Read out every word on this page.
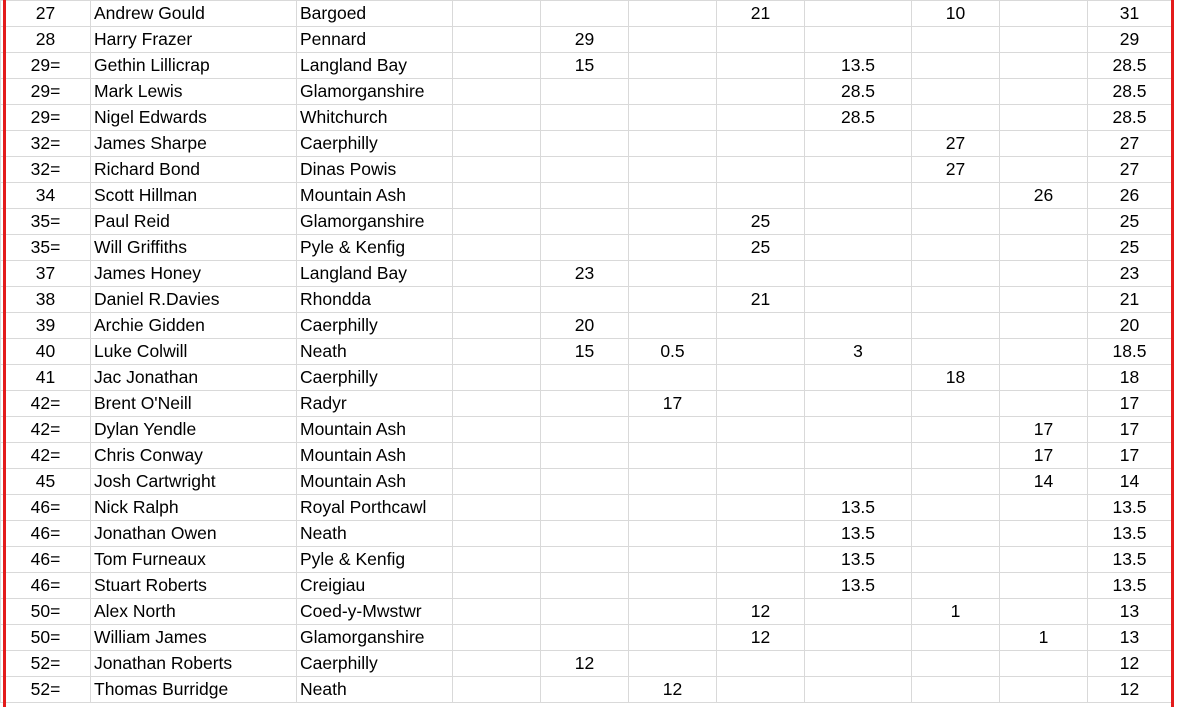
27	Andrew Gould	Bargoed				21		10		31
28	Harry Frazer	Pennard		29						29
29=	Gethin Lillicrap	Langland Bay		15			13.5			28.5
29=	Mark Lewis	Glamorganshire					28.5			28.5
29=	Nigel Edwards	Whitchurch					28.5			28.5
32=	James Sharpe	Caerphilly						27		27
32=	Richard Bond	Dinas Powis						27		27
34	Scott Hillman	Mountain Ash							26	26
35=	Paul Reid	Glamorganshire				25				25
35=	Will Griffiths	Pyle & Kenfig				25				25
37	James Honey	Langland Bay		23						23
38	Daniel R.Davies	Rhondda				21				21
39	Archie Gidden	Caerphilly		20						20
40	Luke Colwill	Neath		15	0.5		3			18.5
41	Jac Jonathan	Caerphilly						18		18
42=	Brent O'Neill	Radyr			17					17
42=	Dylan Yendle	Mountain Ash							17	17
42=	Chris Conway	Mountain Ash							17	17
45	Josh Cartwright	Mountain Ash							14	14
46=	Nick Ralph	Royal Porthcawl					13.5			13.5
46=	Jonathan Owen	Neath					13.5			13.5
46=	Tom Furneaux	Pyle & Kenfig					13.5			13.5
46=	Stuart Roberts	Creigiau					13.5			13.5
50=	Alex North	Coed-y-Mwstwr				12		1		13
50=	William James	Glamorganshire				12			1	13
52=	Jonathan Roberts	Caerphilly		12						12
52=	Thomas Burridge	Neath			12					12
